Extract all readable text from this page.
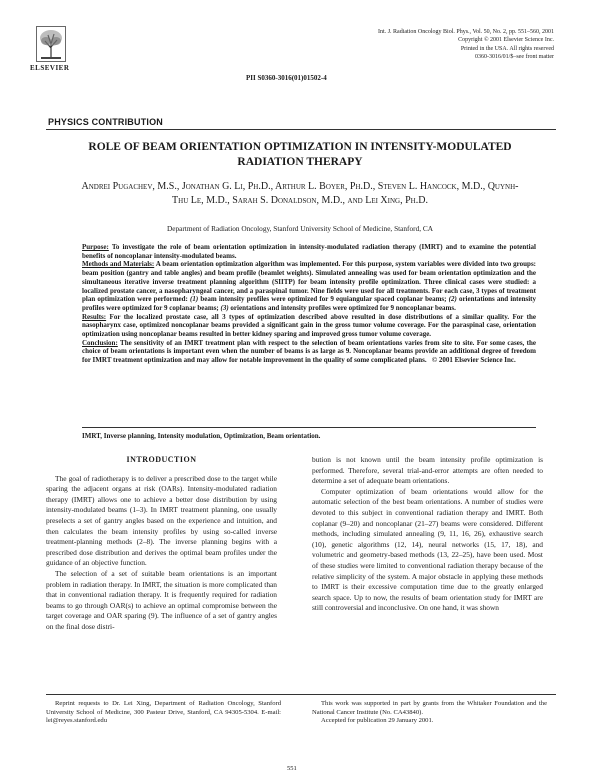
ELSEVIER
Int. J. Radiation Oncology Biol. Phys., Vol. 50, No. 2, pp. 551–560, 2001
Copyright © 2001 Elsevier Science Inc.
Printed in the USA. All rights reserved
0360-3016/01/$–see front matter
PII S0360-3016(01)01502-4
PHYSICS CONTRIBUTION
ROLE OF BEAM ORIENTATION OPTIMIZATION IN INTENSITY-MODULATED RADIATION THERAPY
Andrei Pugachev, M.S., Jonathan G. Li, Ph.D., Arthur L. Boyer, Ph.D., Steven L. Hancock, M.D., Quynh-Thu Le, M.D., Sarah S. Donaldson, M.D., and Lei Xing, Ph.D.
Department of Radiation Oncology, Stanford University School of Medicine, Stanford, CA

Purpose: To investigate the role of beam orientation optimization in intensity-modulated radiation therapy (IMRT) and to examine the potential benefits of noncoplanar intensity-modulated beams.

Methods and Materials: A beam orientation optimization algorithm was implemented. For this purpose, system variables were divided into two groups: beam position (gantry and table angles) and beam profile (beamlet weights). Simulated annealing was used for beam orientation optimization and the simultaneous iterative inverse treatment planning algorithm (SIITP) for beam intensity profile optimization. Three clinical cases were studied: a localized prostate cancer, a nasopharyngeal cancer, and a paraspinal tumor. Nine fields were used for all treatments. For each case, 3 types of treatment plan optimization were performed: (1) beam intensity profiles were optimized for 9 equiangular spaced coplanar beams; (2) orientations and intensity profiles were optimized for 9 coplanar beams; (3) orientations and intensity profiles were optimized for 9 noncoplanar beams.

Results: For the localized prostate case, all 3 types of optimization described above resulted in dose distributions of a similar quality. For the nasopharynx case, optimized noncoplanar beams provided a significant gain in the gross tumor volume coverage. For the paraspinal case, orientation optimization using noncoplanar beams resulted in better kidney sparing and improved gross tumor volume coverage.

Conclusion: The sensitivity of an IMRT treatment plan with respect to the selection of beam orientations varies from site to site. For some cases, the choice of beam orientations is important even when the number of beams is as large as 9. Noncoplanar beams provide an additional degree of freedom for IMRT treatment optimization and may allow for notable improvement in the quality of some complicated plans. © 2001 Elsevier Science Inc.

IMRT, Inverse planning, Intensity modulation, Optimization, Beam orientation.
INTRODUCTION

The goal of radiotherapy is to deliver a prescribed dose to the target while sparing the adjacent organs at risk (OARs). Intensity-modulated radiation therapy (IMRT) allows one to achieve a better dose distribution by using intensity-modulated beams (1–3). In IMRT treatment planning, one usually preselects a set of gantry angles based on the experience and intuition, and then calculates the beam intensity profiles by using so-called inverse treatment-planning methods (2–8). The inverse planning begins with a prescribed dose distribution and derives the optimal beam profiles under the guidance of an objective function.

The selection of a set of suitable beam orientations is an important problem in radiation therapy. In IMRT, the situation is more complicated than that in conventional radiation therapy. It is frequently required for radiation beams to go through OAR(s) to achieve an optimal compromise between the target coverage and OAR sparing (9). The influence of a set of gantry angles on the final dose distri-

bution is not known until the beam intensity profile optimization is performed. Therefore, several trial-and-error attempts are often needed to determine a set of adequate beam orientations.

Computer optimization of beam orientations would allow for the automatic selection of the best beam orientations. A number of studies were devoted to this subject in conventional radiation therapy and IMRT. Both coplanar (9–20) and noncoplanar (21–27) beams were considered. Different methods, including simulated annealing (9, 11, 16, 26), exhaustive search (10), genetic algorithms (12, 14), neural networks (15, 17, 18), and volumetric and geometry-based methods (13, 22–25), have been used. Most of these studies were limited to conventional radiation therapy because of the relative simplicity of the system. A major obstacle in applying these methods to IMRT is their excessive computation time due to the greatly enlarged search space. Up to now, the results of beam orientation study for IMRT are still controversial and inconclusive. On one hand, it was shown

Reprint requests to Dr. Lei Xing, Department of Radiation Oncology, Stanford University School of Medicine, 300 Pasteur Drive, Stanford, CA 94305-5304. E-mail: lei@reyes.stanford.edu

This work was supported in part by grants from the Whitaker Foundation and the National Cancer Institute (No. CA43840).

Accepted for publication 29 January 2001.

551
